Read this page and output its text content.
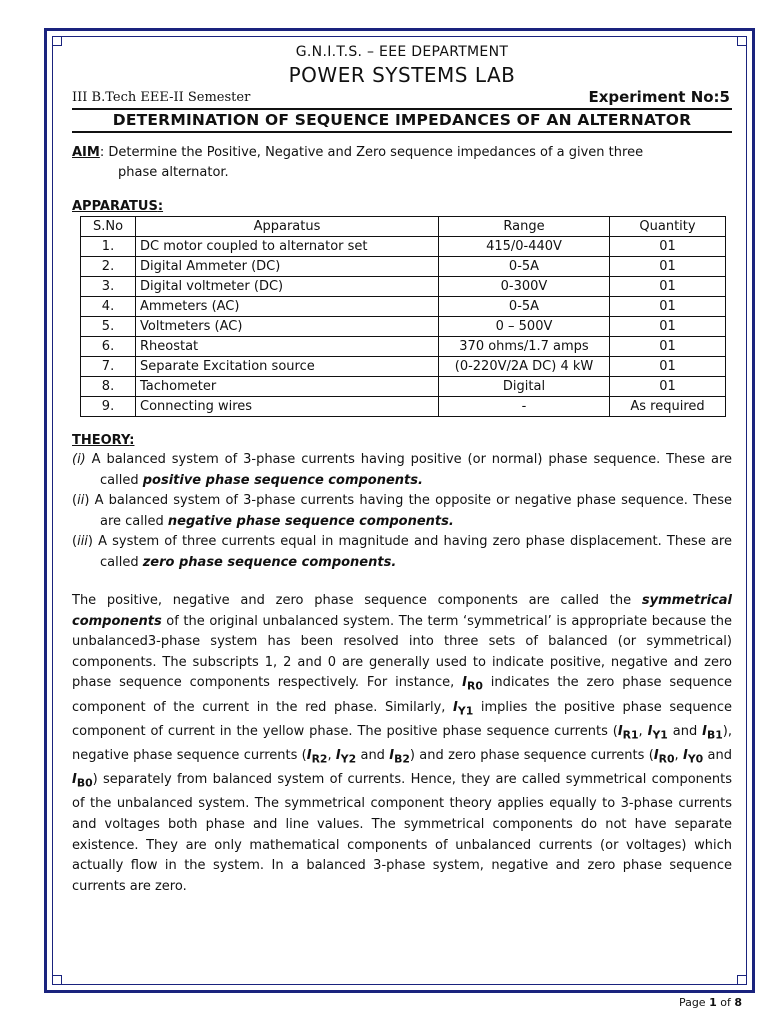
G.N.I.T.S. – EEE DEPARTMENT

POWER SYSTEMS LAB

III B.Tech EEE-II Semester	Experiment No:5

DETERMINATION OF SEQUENCE IMPEDANCES OF AN ALTERNATOR

AIM: Determine the Positive, Negative and Zero sequence impedances of a given three
phase alternator.
APPARATUS:
S.No	Apparatus	Range	Quantity
1.	DC motor coupled to alternator set	415/0-440V	01
2.	Digital Ammeter (DC)	0-5A	01
3.	Digital voltmeter (DC)	0-300V	01
4.	Ammeters (AC)	0-5A	01
5.	Voltmeters (AC)	0 – 500V	01
6.	Rheostat	370 ohms/1.7 amps	01
7.	Separate Excitation source	(0-220V/2A DC) 4 kW	01
8.	Tachometer	Digital	01
9.	Connecting wires	-	As required
THEORY:
(i) A balanced system of 3-phase currents having positive (or normal) phase sequence. These are called positive phase sequence components.
(ii) A balanced system of 3-phase currents having the opposite or negative phase sequence. These are called negative phase sequence components.
(iii) A system of three currents equal in magnitude and having zero phase displacement. These are called zero phase sequence components.
The positive, negative and zero phase sequence components are called the symmetrical components of the original unbalanced system. The term ‘symmetrical’ is appropriate because the unbalanced3-phase system has been resolved into three sets of balanced (or symmetrical) components. The subscripts 1, 2 and 0 are generally used to indicate positive, negative and zero phase sequence components respectively. For instance, $I_{R0}$ indicates the zero phase sequence component of the current in the red phase. Similarly, $I_{Y1}$ implies the positive phase sequence component of current in the yellow phase. The positive phase sequence currents ($I_{R1}$, $I_{Y1}$ and $I_{B1}$), negative phase sequence currents ($I_{R2}$, $I_{Y2}$ and $I_{B2}$) and zero phase sequence currents ($I_{R0}$, $I_{Y0}$ and $I_{B0}$) separately from balanced system of currents. Hence, they are called symmetrical components of the unbalanced system. The symmetrical component theory applies equally to 3-phase currents and voltages both phase and line values. The symmetrical components do not have separate existence. They are only mathematical components of unbalanced currents (or voltages) which actually flow in the system. In a balanced 3-phase system, negative and zero phase sequence currents are zero.
Page 1 of 8
